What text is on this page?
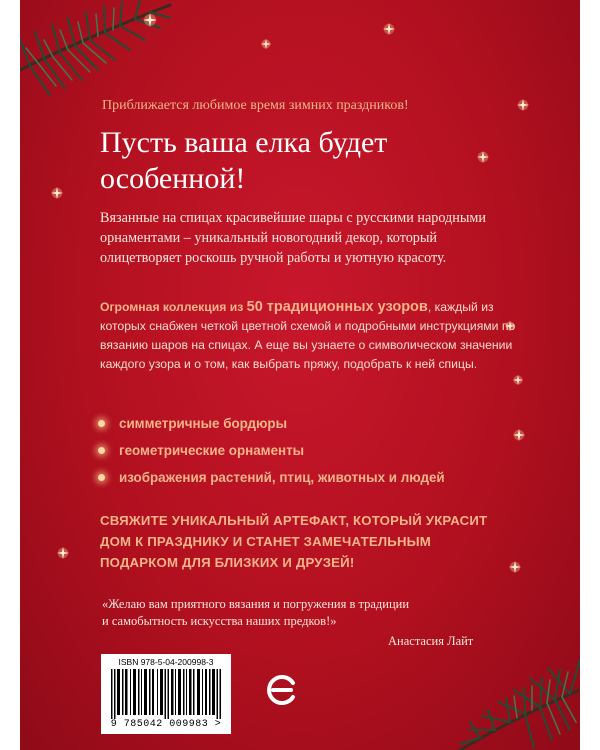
Приближается любимое время зимних праздников!
Пусть ваша елка будет
особенной!
Вязанные на спицах красивейшие шары с русскими народными орнаментами – уникальный новогодний декор, который олицетворяет роскошь ручной работы и уютную красоту.
Огромная коллекция из 50 традиционных узоров, каждый из которых снабжен четкой цветной схемой и подробными инструкциями по вязанию шаров на спицах. А еще вы узнаете о символическом значении каждого узора и о том, как выбрать пряжу, подобрать к ней спицы.
симметричные бордюры
геометрические орнаменты
изображения растений, птиц, животных и людей
СВЯЖИТЕ УНИКАЛЬНЫЙ АРТЕФАКТ, КОТОРЫЙ УКРАСИТ
ДОМ К ПРАЗДНИКУ И СТАНЕТ ЗАМЕЧАТЕЛЬНЫМ
ПОДАРКОМ ДЛЯ БЛИЗКИХ И ДРУЗЕЙ!
«Желаю вам приятного вязания и погружения в традиции
и самобытность искусства наших предков!»
Анастасия Лайт
ISBN 978-5-04-200998-3
9 785042 009983 >
